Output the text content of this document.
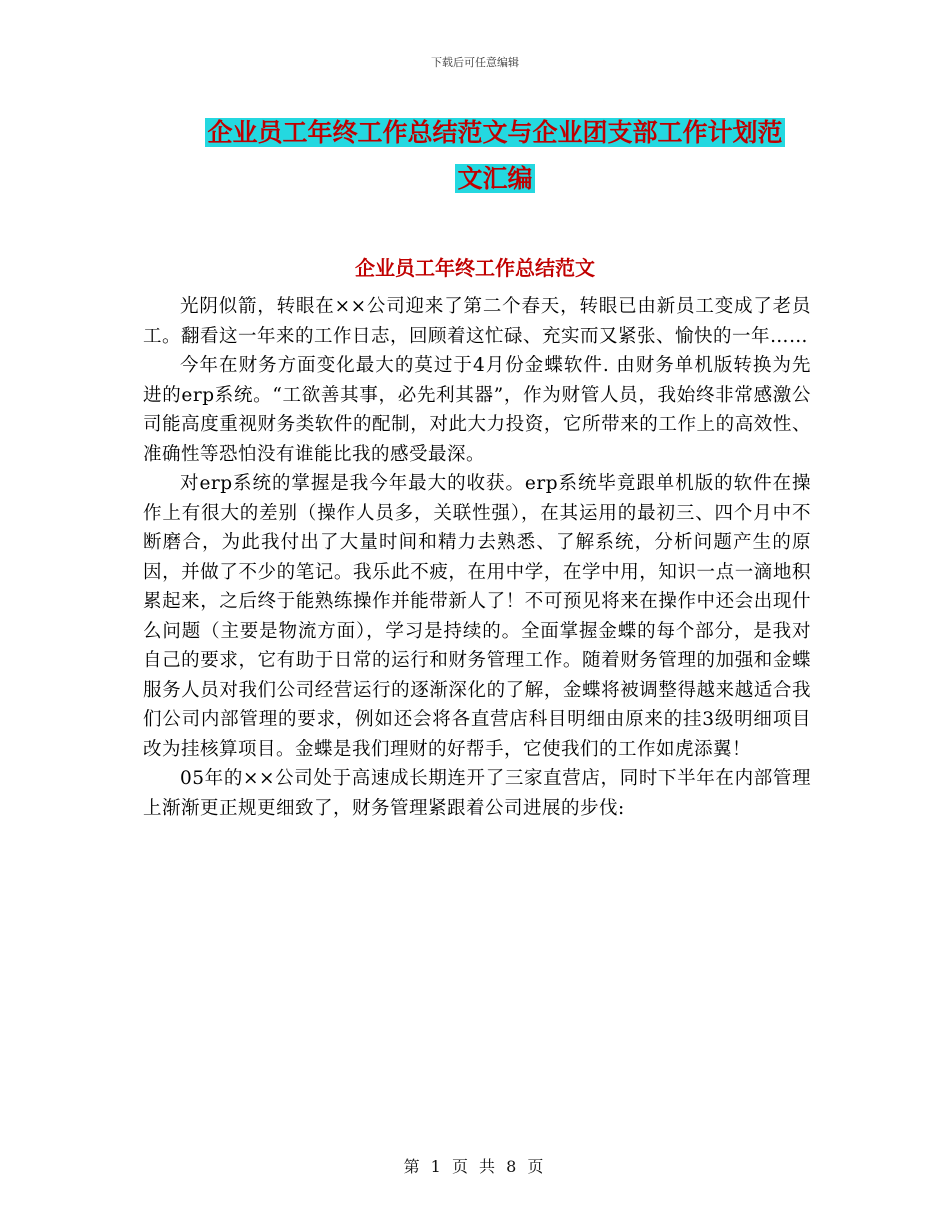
下载后可任意编辑
企业员工年终工作总结范文与企业团支部工作计划范
文汇编
企业员工年终工作总结范文

光阴似箭，转眼在××公司迎来了第二个春天，转眼已由新员工变成了老员工。翻看这一年来的工作日志，回顾着这忙碌、充实而又紧张、愉快的一年……

今年在财务方面变化最大的莫过于4月份金蝶软件. 由财务单机版转换为先进的erp系统。“工欲善其事，必先利其器”，作为财管人员，我始终非常感激公司能高度重视财务类软件的配制，对此大力投资，它所带来的工作上的高效性、准确性等恐怕没有谁能比我的感受最深。

对erp系统的掌握是我今年最大的收获。erp系统毕竟跟单机版的软件在操作上有很大的差别（操作人员多，关联性强），在其运用的最初三、四个月中不断磨合，为此我付出了大量时间和精力去熟悉、了解系统，分析问题产生的原因，并做了不少的笔记。我乐此不疲，在用中学，在学中用，知识一点一滴地积累起来，之后终于能熟练操作并能带新人了！不可预见将来在操作中还会出现什么问题（主要是物流方面），学习是持续的。全面掌握金蝶的每个部分，是我对自己的要求，它有助于日常的运行和财务管理工作。随着财务管理的加强和金蝶服务人员对我们公司经营运行的逐渐深化的了解，金蝶将被调整得越来越适合我们公司内部管理的要求，例如还会将各直营店科目明细由原来的挂3级明细项目改为挂核算项目。金蝶是我们理财的好帮手，它使我们的工作如虎添翼！

05年的××公司处于高速成长期连开了三家直营店，同时下半年在内部管理上渐渐更正规更细致了，财务管理紧跟着公司进展的步伐:

第 1 页 共 8 页
